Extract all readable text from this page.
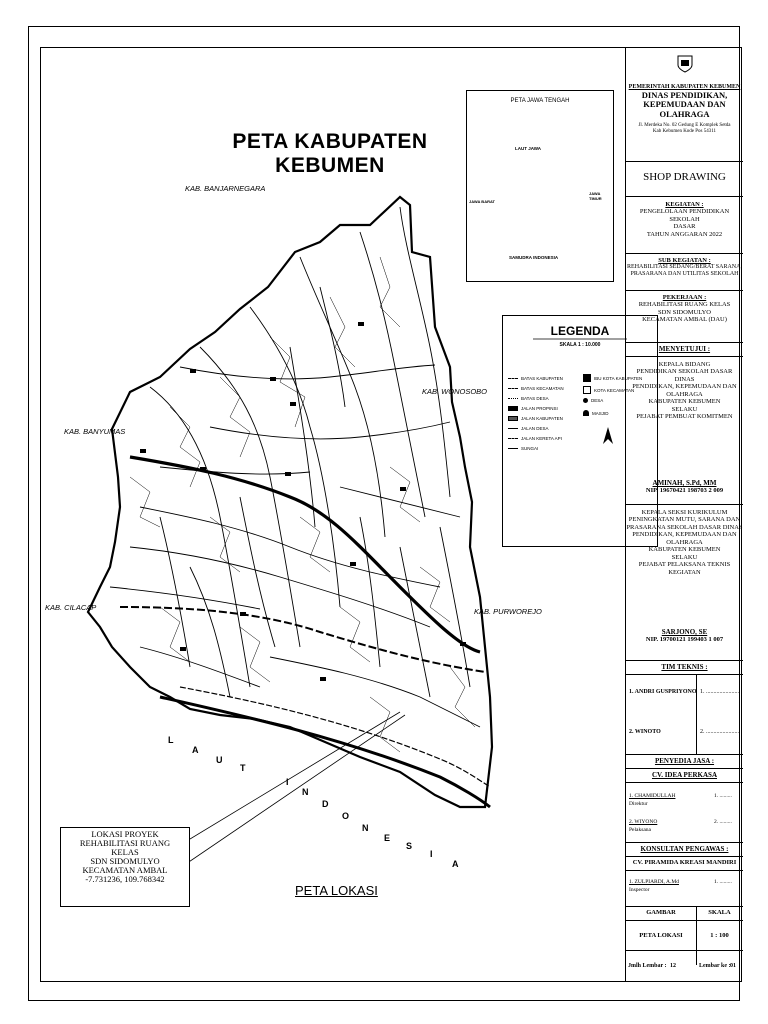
PETA KABUPATEN KEBUMEN
KAB. BANJARNEGARA
KAB. WONOSOBO
KAB. BANYUMAS
KAB. CILACAP	KAB. PURWOREJO
L
A
U
T
I
N
D
O
N
E
S
I
A
PETA JAWA TENGAH
LAUT JAWA
SAMUDRA INDONESIA
JAWA BARAT
JAWA TIMUR
LEGENDA
SKALA 1 : 10.000
BATAS KABUPATEN
BATAS KECAMATAN
BATAS DESA
JALAN PROPINSI
JALAN KABUPATEN
JALAN DESA
JALAN KERETA API
SUNGAI
IBU KOTA KABUPATEN
KOTA KECAMATAN
DESA
MASJID
LOKASI PROYEK
REHABILITASI RUANG
KELAS
SDN SIDOMULYO
KECAMATAN AMBAL
-7.731236, 109.768342
PETA LOKASI
PEMERINTAH KABUPATEN KEBUMEN
DINAS PENDIDIKAN,
KEPEMUDAAN DAN OLAHRAGA
Jl. Merdeka No. 02 Gedung E Komplek Setda
Kab Kebumen Kode Pos 54311
SHOP DRAWING
KEGIATAN :
PENGELOLAAN PENDIDIKAN SEKOLAH
DASAR
TAHUN ANGGARAN 2022
SUB KEGIATAN :
REHABILITASI SEDANG/BERAT SARANA,
PRASARANA DAN UTILITAS SEKOLAH
PEKERJAAN :
REHABILITASI RUANG KELAS
SDN SIDOMULYO
KECAMATAN AMBAL (DAU)
MENYETUJUI :
KEPALA BIDANG
PENDIDIKAN SEKOLAH DASAR DINAS
PENDIDIKAN, KEPEMUDAAN DAN OLAHRAGA
KABUPATEN KEBUMEN
SELAKU
PEJABAT PEMBUAT KOMITMEN
AMINAH, S.Pd, MM
NIP. 19670421 198703 2 009
KEPALA SEKSI KURIKULUM
PENINGKATAN MUTU, SARANA DAN
PRASARANA SEKOLAH DASAR DINAS
PENDIDIKAN, KEPEMUDAAN DAN OLAHRAGA
KABUPATEN KEBUMEN
SELAKU
PEJABAT PELAKSANA TEKNIS KEGIATAN
SARJONO, SE
NIP. 19700121 199403 1 007
TIM TEKNIS :
1. ANDRI GUSPRIYONO 1. ......................
2. WINOTO	2. ......................
PENYEDIA JASA :
CV. IDEA PERKASA
1. CHAMIDULLAH
Direktur
1. .........
2. WIYONO
Pelaksana
2. .........
KONSULTAN PENGAWAS :
CV. PIRAMIDA KREASI MANDIRI
1. ZULPIARDI, A.Md
Inspector
1. .........
GAMBAR	SKALA
PETA LOKASI	1 : 100
Jmlh Lembar : 12	Lembar ke : 01
